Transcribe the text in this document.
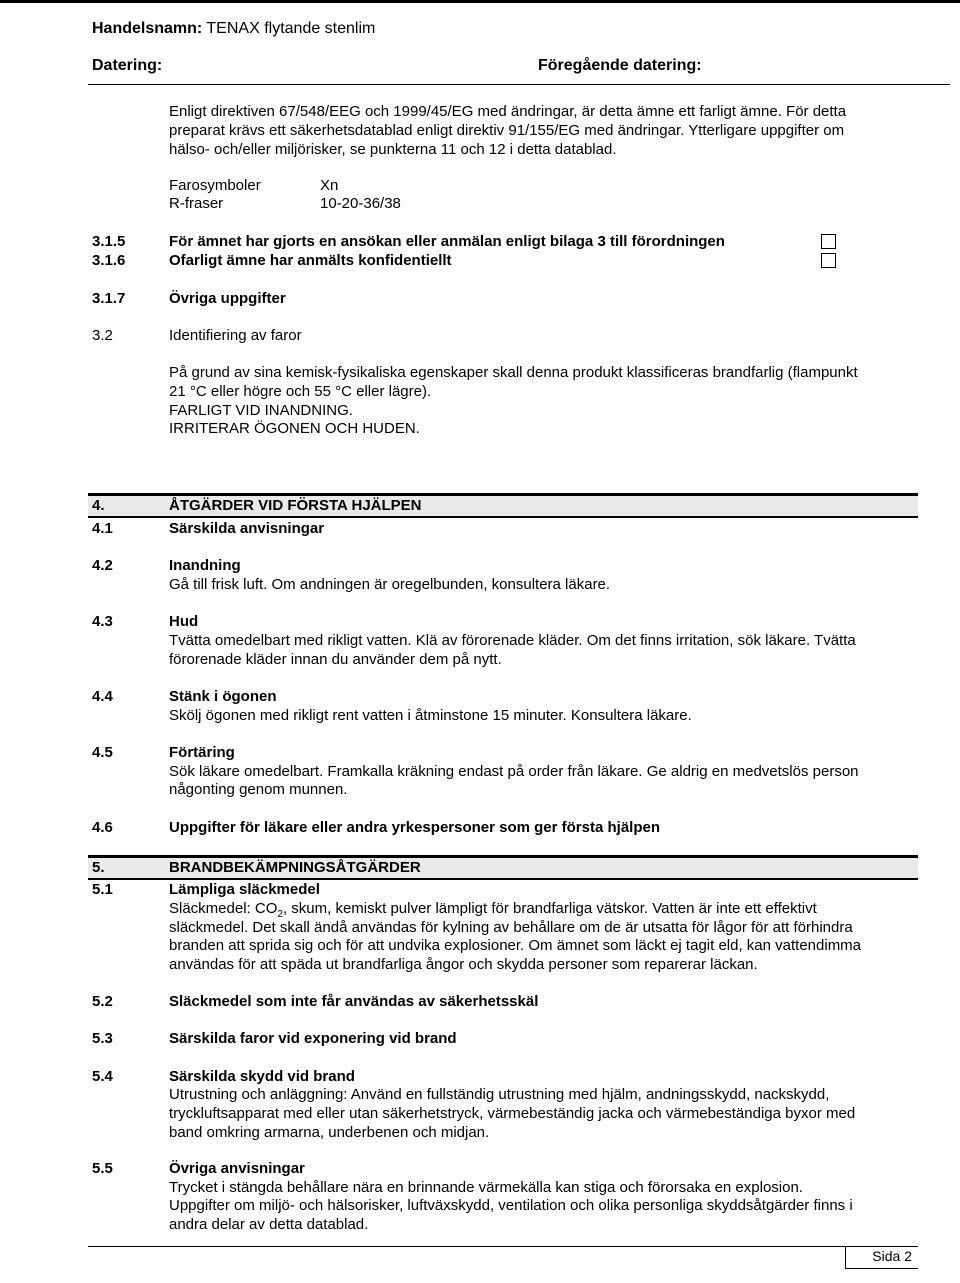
Handelsnamn: TENAX flytande stenlim
Datering:	Föregående datering:
Enligt direktiven 67/548/EEG och 1999/45/EG med ändringar, är detta ämne ett farligt ämne. För detta
preparat krävs ett säkerhetsdatablad enligt direktiv 91/155/EG med ändringar. Ytterligare uppgifter om
hälso- och/eller miljörisker, se punkterna 11 och 12 i detta datablad.
Farosymboler	Xn
R-fraser	10-20-36/38
3.1.5	För ämnet har gjorts en ansökan eller anmälan enligt bilaga 3 till förordningen
3.1.6	Ofarligt ämne har anmälts konfidentiellt
3.1.7	Övriga uppgifter
3.2	Identifiering av faror
På grund av sina kemisk-fysikaliska egenskaper skall denna produkt klassificeras brandfarlig (flampunkt
21 °C eller högre och 55 °C eller lägre).
FARLIGT VID INANDNING.
IRRITERAR ÖGONEN OCH HUDEN.
4.	ÅTGÄRDER VID FÖRSTA HJÄLPEN
4.1	Särskilda anvisningar
4.2	Inandning
Gå till frisk luft. Om andningen är oregelbunden, konsultera läkare.
4.3	Hud
Tvätta omedelbart med rikligt vatten. Klä av förorenade kläder. Om det finns irritation, sök läkare. Tvätta
förorenade kläder innan du använder dem på nytt.
4.4	Stänk i ögonen
Skölj ögonen med rikligt rent vatten i åtminstone 15 minuter. Konsultera läkare.
4.5	Förtäring
Sök läkare omedelbart. Framkalla kräkning endast på order från läkare. Ge aldrig en medvetslös person
någonting genom munnen.
4.6	Uppgifter för läkare eller andra yrkespersoner som ger första hjälpen
5.	BRANDBEKÄMPNINGSÅTGÄRDER
5.1	Lämpliga släckmedel
Släckmedel: $CO_2$, skum, kemiskt pulver lämpligt för brandfarliga vätskor. Vatten är inte ett effektivt
släckmedel. Det skall ändå användas för kylning av behållare om de är utsatta för lågor för att förhindra
branden att sprida sig och för att undvika explosioner. Om ämnet som läckt ej tagit eld, kan vattendimma
användas för att späda ut brandfarliga ångor och skydda personer som reparerar läckan.
5.2	Släckmedel som inte får användas av säkerhetsskäl
5.3	Särskilda faror vid exponering vid brand
5.4	Särskilda skydd vid brand
Utrustning och anläggning: Använd en fullständig utrustning med hjälm, andningsskydd, nackskydd,
tryckluftsapparat med eller utan säkerhetstryck, värmebeständig jacka och värmebeständiga byxor med
band omkring armarna, underbenen och midjan.
5.5	Övriga anvisningar
Trycket i stängda behållare nära en brinnande värmekälla kan stiga och förorsaka en explosion.
Uppgifter om miljö- och hälsorisker, luftväxskydd, ventilation och olika personliga skyddsåtgärder finns i
andra delar av detta datablad.
Sida 2
